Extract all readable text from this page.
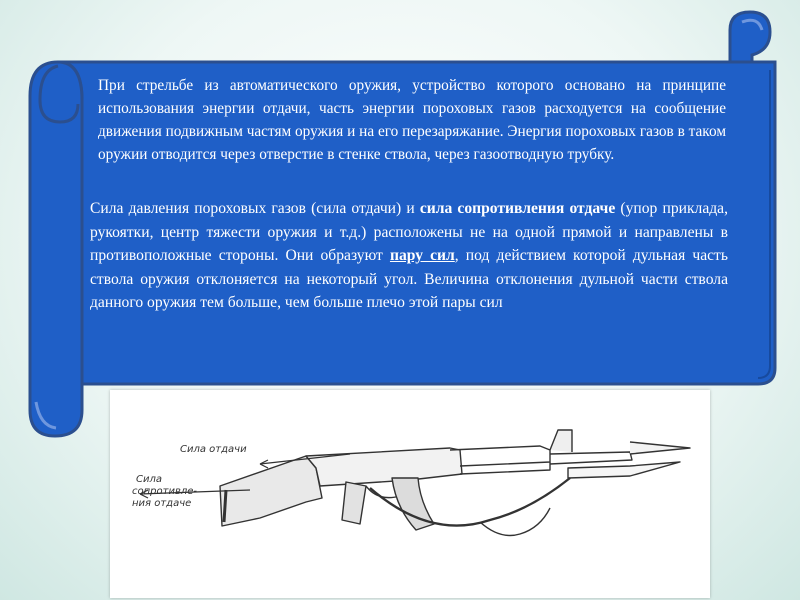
При стрельбе из автоматического оружия, устройство которого основано на принципе использования энергии отдачи, часть энергии пороховых газов расходуется на сообщение движения подвижным частям оружия и на его перезаряжание. Энергия пороховых газов в таком оружии отводится через отверстие в стенке ствола, через газоотводную трубку.

Сила давления пороховых газов (сила отдачи) и сила сопротивления отдаче (упор приклада, рукоятки, центр тяжести оружия и т.д.) расположены не на одной прямой и направлены в противоположные стороны. Они образуют пару сил, под действием которой дульная часть ствола оружия отклоняется на некоторый угол. Величина отклонения дульной части ствола данного оружия тем больше, чем больше плечо этой пары сил

Сила отдачи
Сила
сопротивле-
ния отдаче
